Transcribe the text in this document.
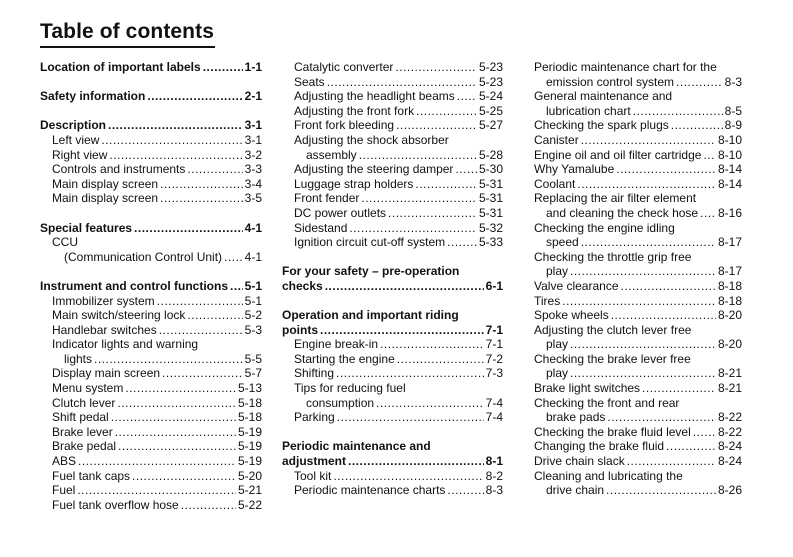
Table of contents
Location of important labels .....	1-1
Safety information .....	2-1
Description .....	3-1
Left view .....	3-1
Right view .....	3-2
Controls and instruments .....	3-3
Main display screen .....	3-4
Main display screen .....	3-5
Special features .....	4-1
CCU
(Communication Control Unit) ..... 4-1
Instrument and control functions ..... 5-1
Immobilizer system .....	5-1
Main switch/steering lock .....	5-2
Handlebar switches .....	5-3
Indicator lights and warning
lights .....	5-5
Display main screen .....	5-7
Menu system .....	5-13
Clutch lever .....	5-18
Shift pedal .....	5-18
Brake lever .....	5-19
Brake pedal .....	5-19
ABS .....	5-19
Fuel tank caps .....	5-20
Fuel .....	5-21
Fuel tank overflow hose .....	5-22
Catalytic converter .....	5-23
Seats .....	5-23
Adjusting the headlight beams ..... 5-24
Adjusting the front fork .....	5-25
Front fork bleeding .....	5-27
Adjusting the shock absorber
assembly .....	5-28
Adjusting the steering damper ..... 5-30
Luggage strap holders .....	5-31
Front fender .....	5-31
DC power outlets .....	5-31
Sidestand .....	5-32
Ignition circuit cut-off system .....	5-33
For your safety – pre-operation
checks .....	6-1
Operation and important riding
points .....	7-1
Engine break-in .....	7-1
Starting the engine .....	7-2
Shifting .....	7-3
Tips for reducing fuel
consumption .....	7-4
Parking .....	7-4
Periodic maintenance and
adjustment .....	8-1
Tool kit .....	8-2
Periodic maintenance charts .....	8-3
Periodic maintenance chart for the
emission control system .....	8-3
General maintenance and
lubrication chart .....	8-5
Checking the spark plugs .....	8-9
Canister .....	8-10
Engine oil and oil filter cartridge ..... 8-10
Why Yamalube .....	8-14
Coolant .....	8-14
Replacing the air filter element
and cleaning the check hose ..... 8-16
Checking the engine idling
speed .....	8-17
Checking the throttle grip free
play .....	8-17
Valve clearance .....	8-18
Tires .....	8-18
Spoke wheels .....	8-20
Adjusting the clutch lever free
play .....	8-20
Checking the brake lever free
play .....	8-21
Brake light switches .....	8-21
Checking the front and rear
brake pads .....	8-22
Checking the brake fluid level ..... 8-22
Changing the brake fluid .....	8-24
Drive chain slack .....	8-24
Cleaning and lubricating the
drive chain .....	8-26
